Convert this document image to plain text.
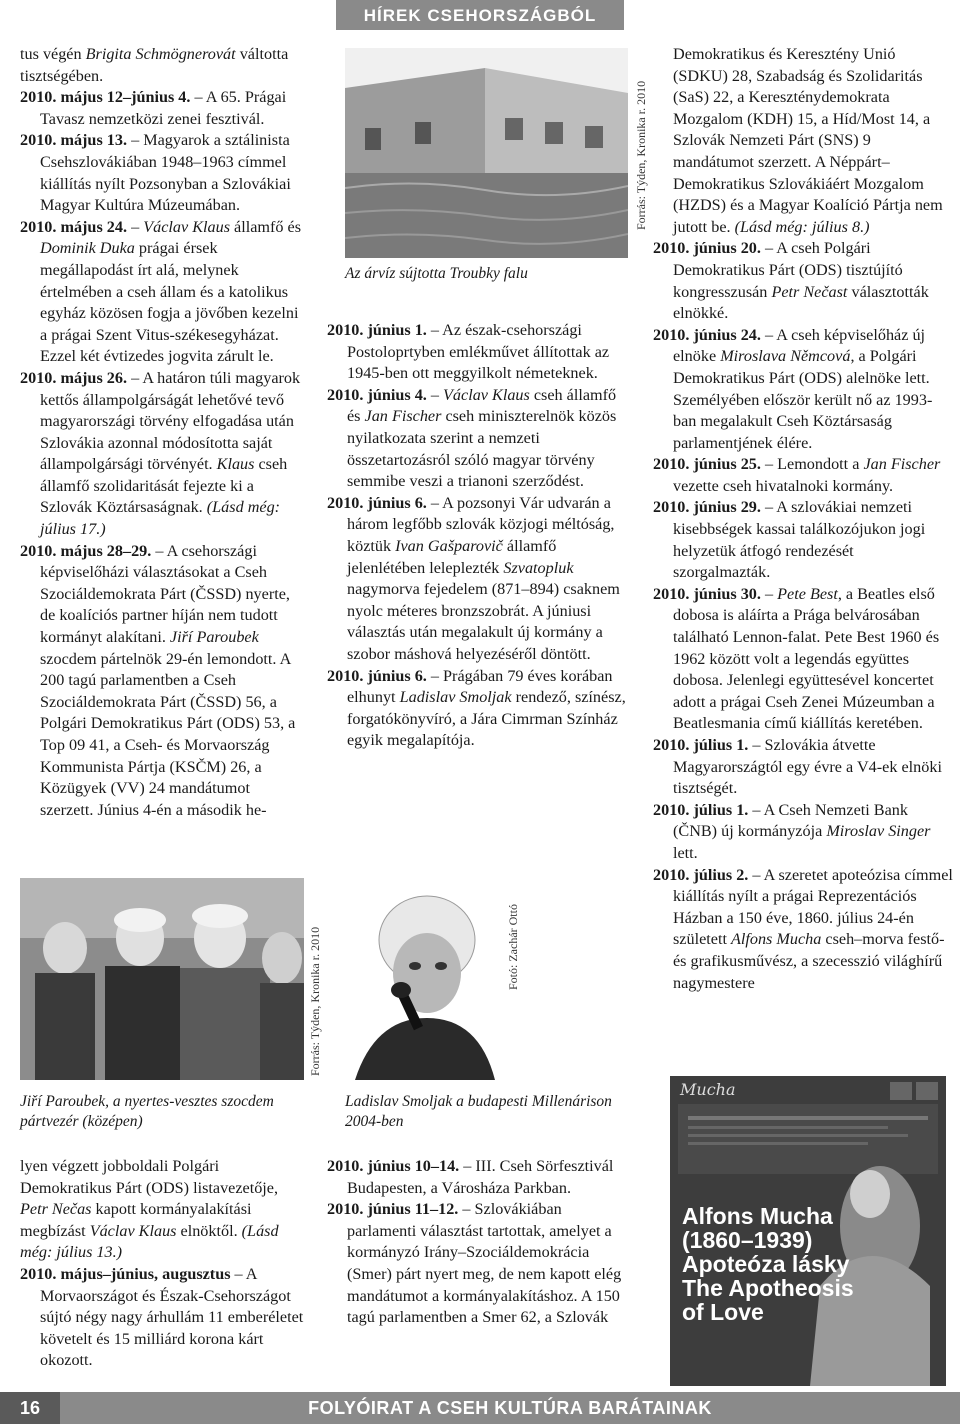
HÍREK CSEHORSZÁGBÓL

tus végén Brigita Schmögnerovát váltotta tisztségében.

2010. május 12–június 4. – A 65. Prágai Tavasz nemzetközi zenei fesztivál.

2010. május 13. – Magyarok a sztálinista Csehszlovákiában 1948–1963 címmel kiállítás nyílt Pozsonyban a Szlovákiai Magyar Kultúra Múzeumában.

2010. május 24. – Václav Klaus államfő és Dominik Duka prágai érsek megállapodást írt alá, melynek értelmében a cseh állam és a katolikus egyház közösen fogja a jövőben kezelni a prágai Szent Vitus-székesegyházat. Ezzel két évtizedes jogvita zárult le.

2010. május 26. – A határon túli magyarok kettős állampolgárságát lehetővé tevő magyarországi törvény elfogadása után Szlovákia azonnal módosította saját állampolgársági törvényét. Klaus cseh államfő szolidaritását fejezte ki a Szlovák Köztársaságnak. (Lásd még: július 17.)

2010. május 28–29. – A csehországi képviselőházi választásokat a Cseh Szociáldemokrata Párt (ČSSD) nyerte, de koalíciós partner híján nem tudott kormányt alakítani. Jiří Paroubek szocdem pártelnök 29-én lemondott. A 200 tagú parlamentben a Cseh Szociáldemokrata Párt (ČSSD) 56, a Polgári Demokratikus Párt (ODS) 53, a Top 09 41, a Cseh- és Morvaország Kommunista Pártja (KSČM) 26, a Közügyek (VV) 24 mandátumot szerzett. Június 4-én a második he-

Forrás: Týden, Kronika r. 2010
Jiří Paroubek, a nyertes-vesztes szocdem pártvezér (középen)

lyen végzett jobboldali Polgári Demokratikus Párt (ODS) listavezetője, Petr Nečas kapott kormányalakítási megbízást Václav Klaus elnöktől. (Lásd még: július 13.)

2010. május–június, augusztus – A Morvaországot és Észak-Csehországot sújtó négy nagy árhullám 11 emberéletet követelt és 15 milliárd korona kárt okozott.

Forrás: Týden, Kronika r. 2010
Az árvíz sújtotta Troubky falu

2010. június 1. – Az észak-csehországi Postoloprtyben emlékművet állítottak az 1945-ben ott meggyilkolt németeknek.

2010. június 4. – Václav Klaus cseh államfő és Jan Fischer cseh miniszterelnök közös nyilatkozata szerint a nemzeti összetartozásról szóló magyar törvény semmibe veszi a trianoni szerződést.

2010. június 6. – A pozsonyi Vár udvarán a három legfőbb szlovák közjogi méltóság, köztük Ivan Gašparovič államfő jelenlétében leleplezték Szvatopluk nagymorva fejedelem (871–894) csaknem nyolc méteres bronzszobrát. A júniusi választás után megalakult új kormány a szobor máshová helyezéséről döntött.

2010. június 6. – Prágában 79 éves korában elhunyt Ladislav Smoljak rendező, színész, forgatókönyvíró, a Jára Cimrman Színház egyik megalapítója.

Fotó: Zachár Ottó
Ladislav Smoljak a budapesti Millenárison 2004-ben

2010. június 10–14. – III. Cseh Sörfesztivál Budapesten, a Városháza Parkban.

2010. június 11–12. – Szlovákiában parlamenti választást tartottak, amelyet a kormányzó Irány–Szociáldemokrácia (Smer) párt nyert meg, de nem kapott elég mandátumot a kormányalakításhoz. A 150 tagú parlamentben a Smer 62, a Szlovák

Demokratikus és Keresztény Unió (SDKU) 28, Szabadság és Szolidaritás (SaS) 22, a Kereszténydemokrata Mozgalom (KDH) 15, a Híd/Most 14, a Szlovák Nemzeti Párt (SNS) 9 mandátumot szerzett. A Néppárt–Demokratikus Szlovákiáért Mozgalom (HZDS) és a Magyar Koalíció Pártja nem jutott be. (Lásd még: július 8.)

2010. június 20. – A cseh Polgári Demokratikus Párt (ODS) tisztújító kongresszusán Petr Nečast választották elnökké.

2010. június 24. – A cseh képviselőház új elnöke Miroslava Němcová, a Polgári Demokratikus Párt (ODS) alelnöke lett. Személyében először került nő az 1993-ban megalakult Cseh Köztársaság parlamentjének élére.

2010. június 25. – Lemondott a Jan Fischer vezette cseh hivatalnoki kormány.

2010. június 29. – A szlovákiai nemzeti kisebbségek kassai találkozójukon jogi helyzetük átfogó rendezését szorgalmazták.

2010. június 30. – Pete Best, a Beatles első dobosa is aláírta a Prága belvárosában található Lennon-falat. Pete Best 1960 és 1962 között volt a legendás együttes dobosa. Jelenlegi együttesével koncertet adott a prágai Cseh Zenei Múzeumban a Beatlesmania című kiállítás keretében.

2010. július 1. – Szlovákia átvette Magyarországtól egy évre a V4-ek elnöki tisztségét.

2010. július 1. – A Cseh Nemzeti Bank (ČNB) új kormányzója Miroslav Singer lett.

2010. július 2. – A szeretet apoteózisa címmel kiállítás nyílt a prágai Reprezentációs Házban a 150 éve, 1860. július 24-én született Alfons Mucha cseh–morva festő- és grafikusművész, a szecesszió világhírű nagymestere

Mucha
Alfons Mucha
(1860–1939)
Apoteóza lásky
The Apotheosis
of Love
16	FOLYÓIRAT A CSEH KULTÚRA BARÁTAINAK
